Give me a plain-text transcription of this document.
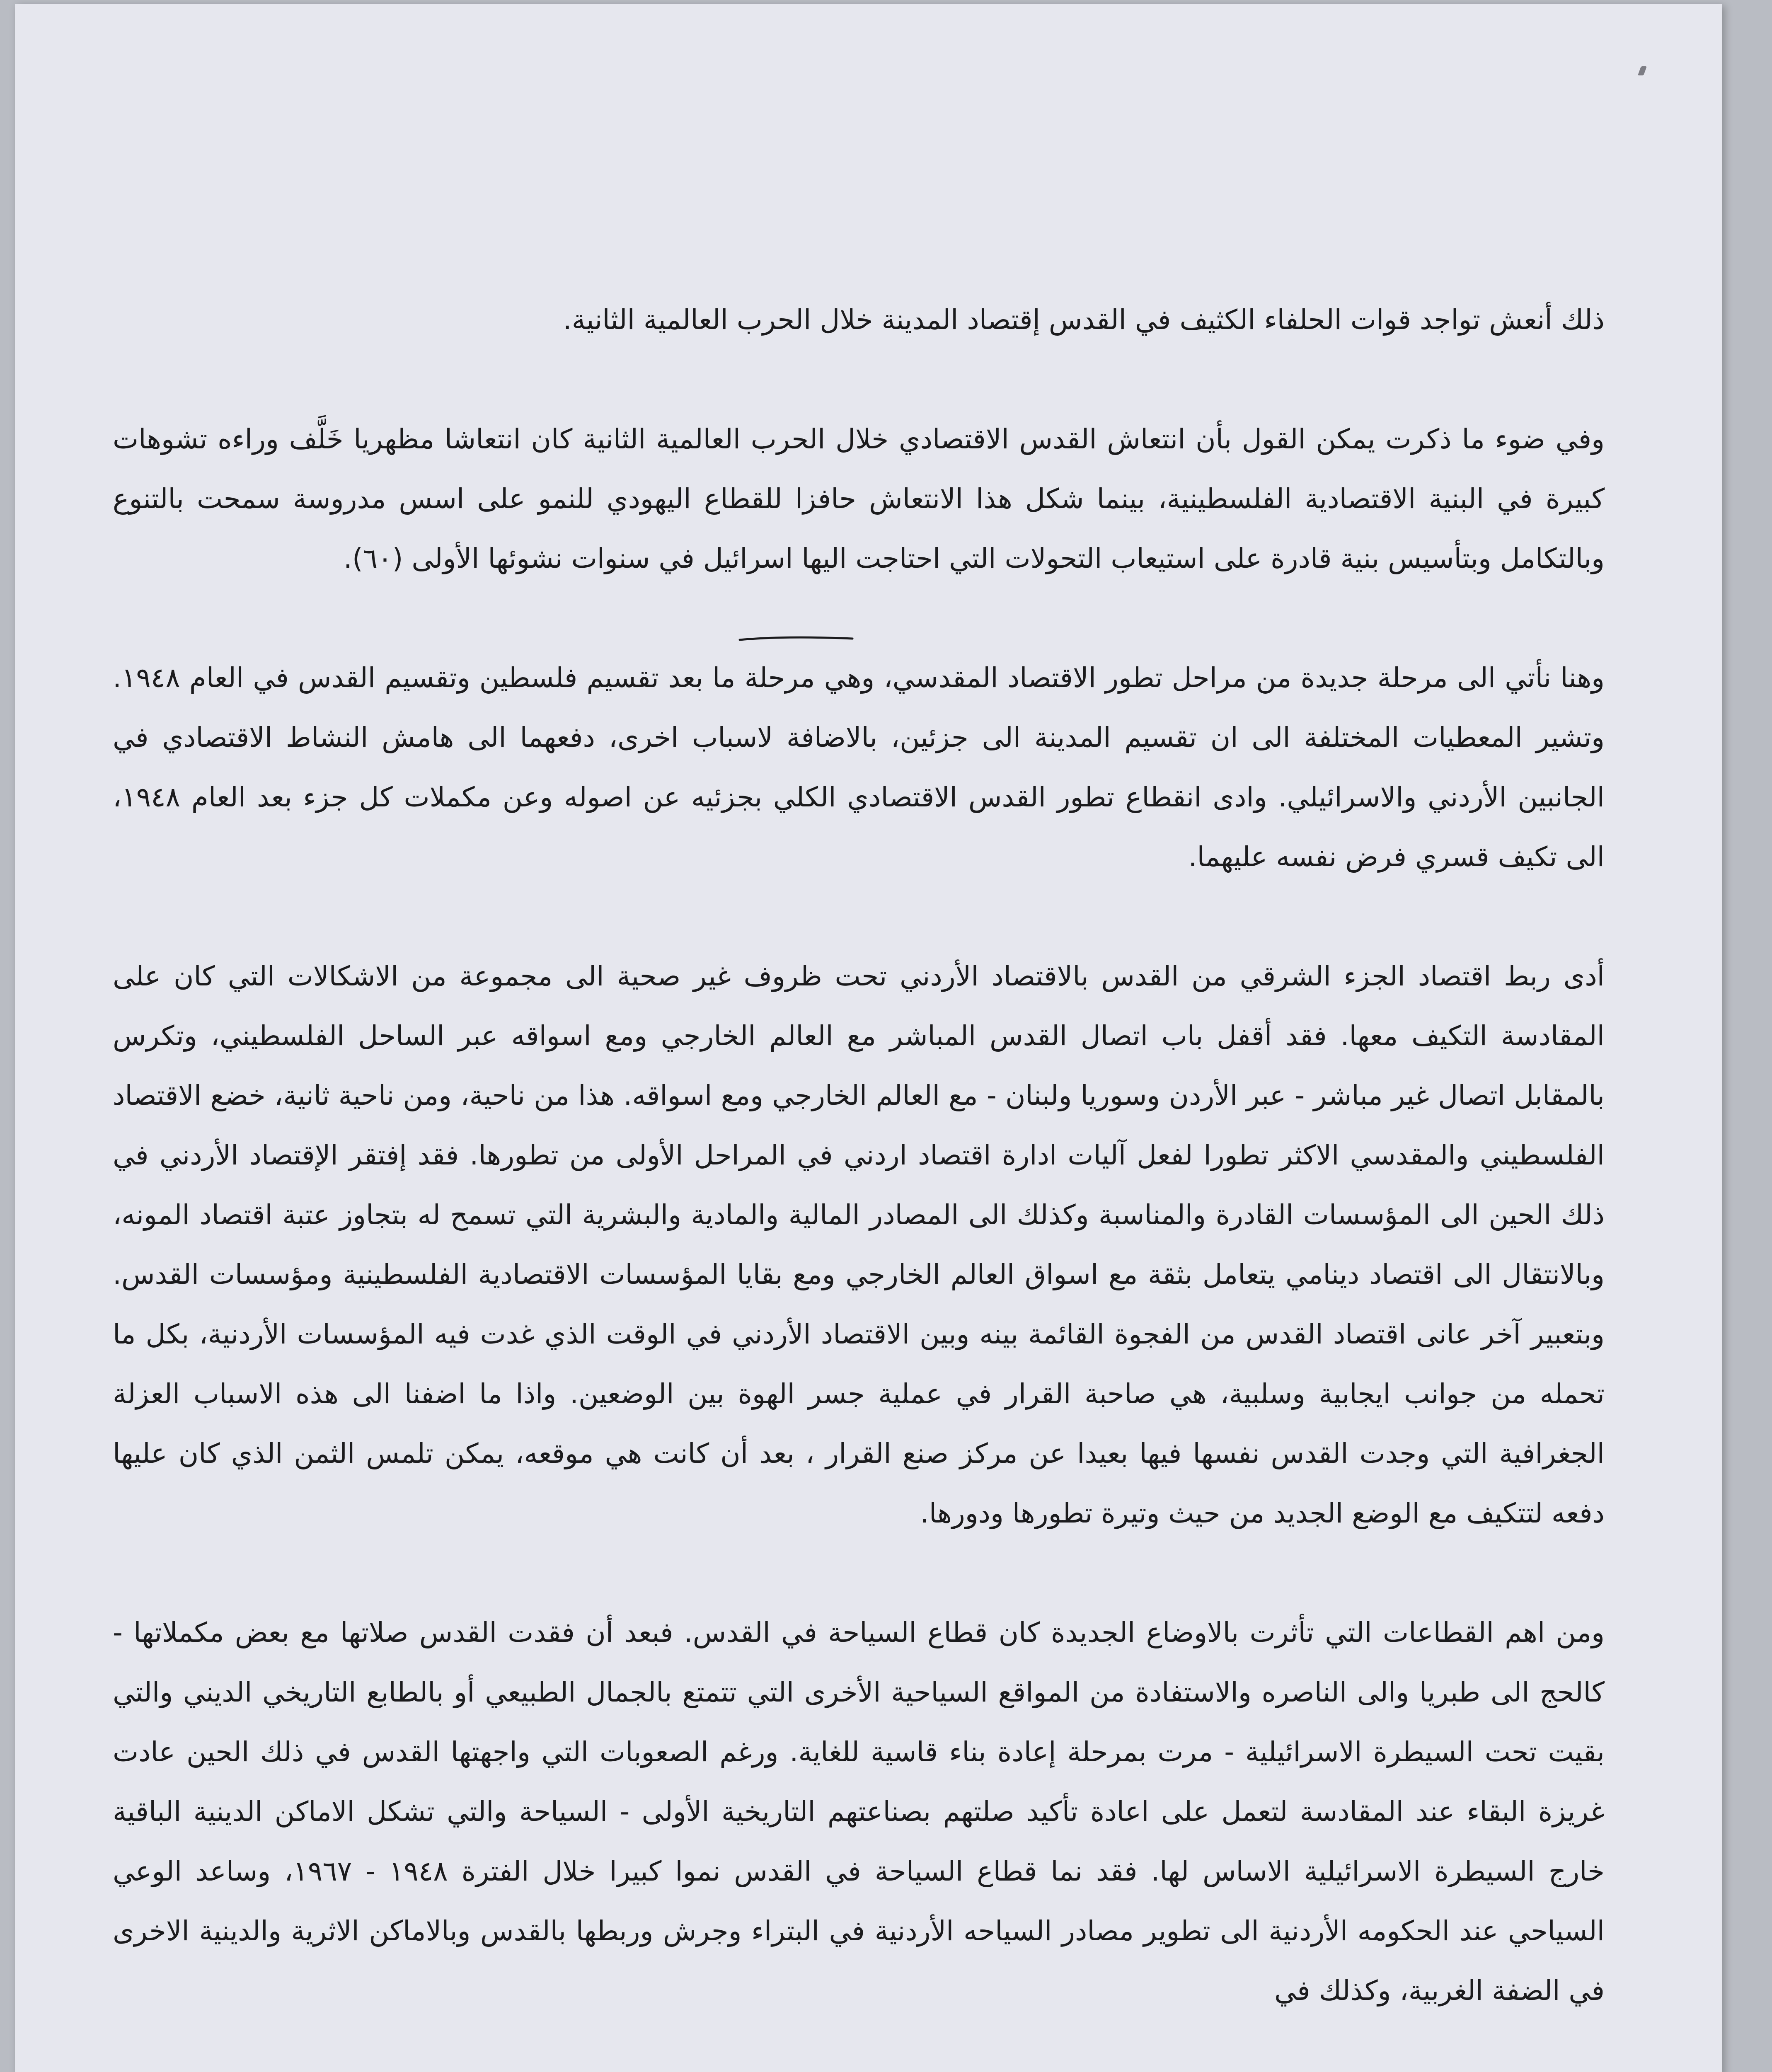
ذلك أنعش تواجد قوات الحلفاء الكثيف في القدس إقتصاد المدينة خلال الحرب العالمية الثانية.

وفي ضوء ما ذكرت يمكن القول بأن انتعاش القدس الاقتصادي خلال الحرب العالمية الثانية كان انتعاشا مظهريا خَلَّف وراءه تشوهات كبيرة في البنية الاقتصادية الفلسطينية، بينما شكل هذا الانتعاش حافزا للقطاع اليهودي للنمو على اسس مدروسة سمحت بالتنوع وبالتكامل وبتأسيس بنية قادرة على استيعاب التحولات التي احتاجت اليها اسرائيل في سنوات نشوئها الأولى (٦٠).

وهنا نأتي الى مرحلة جديدة من مراحل تطور الاقتصاد المقدسي، وهي مرحلة ما بعد تقسيم فلسطين وتقسيم القدس في العام ١٩٤٨. وتشير المعطيات المختلفة الى ان تقسيم المدينة الى جزئين، بالاضافة لاسباب اخرى، دفعهما الى هامش النشاط الاقتصادي في الجانبين الأردني والاسرائيلي. وادى انقطاع تطور القدس الاقتصادي الكلي بجزئيه عن اصوله وعن مكملات كل جزء بعد العام ١٩٤٨، الى تكيف قسري فرض نفسه عليهما.

أدى ربط اقتصاد الجزء الشرقي من القدس بالاقتصاد الأردني تحت ظروف غير صحية الى مجموعة من الاشكالات التي كان على المقادسة التكيف معها. فقد أقفل باب اتصال القدس المباشر مع العالم الخارجي ومع اسواقه عبر الساحل الفلسطيني، وتكرس بالمقابل اتصال غير مباشر - عبر الأردن وسوريا ولبنان - مع العالم الخارجي ومع اسواقه. هذا من ناحية، ومن ناحية ثانية، خضع الاقتصاد الفلسطيني والمقدسي الاكثر تطورا لفعل آليات ادارة اقتصاد اردني في المراحل الأولى من تطورها. فقد إفتقر الإقتصاد الأردني في ذلك الحين الى المؤسسات القادرة والمناسبة وكذلك الى المصادر المالية والمادية والبشرية التي تسمح له بتجاوز عتبة اقتصاد المونه، وبالانتقال الى اقتصاد دينامي يتعامل بثقة مع اسواق العالم الخارجي ومع بقايا المؤسسات الاقتصادية الفلسطينية ومؤسسات القدس. وبتعبير آخر عانى اقتصاد القدس من الفجوة القائمة بينه وبين الاقتصاد الأردني في الوقت الذي غدت فيه المؤسسات الأردنية، بكل ما تحمله من جوانب ايجابية وسلبية، هي صاحبة القرار في عملية جسر الهوة بين الوضعين. واذا ما اضفنا الى هذه الاسباب العزلة الجغرافية التي وجدت القدس نفسها فيها بعيدا عن مركز صنع القرار ، بعد أن كانت هي موقعه، يمكن تلمس الثمن الذي كان عليها دفعه لتتكيف مع الوضع الجديد من حيث وتيرة تطورها ودورها.

ومن اهم القطاعات التي تأثرت بالاوضاع الجديدة كان قطاع السياحة في القدس. فبعد أن فقدت القدس صلاتها مع بعض مكملاتها - كالحج الى طبريا والى الناصره والاستفادة من المواقع السياحية الأخرى التي تتمتع بالجمال الطبيعي أو بالطابع التاريخي الديني والتي بقيت تحت السيطرة الاسرائيلية - مرت بمرحلة إعادة بناء قاسية للغاية. ورغم الصعوبات التي واجهتها القدس في ذلك الحين عادت غريزة البقاء عند المقادسة لتعمل على اعادة تأكيد صلتهم بصناعتهم التاريخية الأولى - السياحة والتي تشكل الاماكن الدينية الباقية خارج السيطرة الاسرائيلية الاساس لها. فقد نما قطاع السياحة في القدس نموا كبيرا خلال الفترة ١٩٤٨ - ١٩٦٧، وساعد الوعي السياحي عند الحكومه الأردنية الى تطوير مصادر السياحه الأردنية في البتراء وجرش وربطها بالقدس وبالاماكن الاثرية والدينية الاخرى في الضفة الغربية، وكذلك في
